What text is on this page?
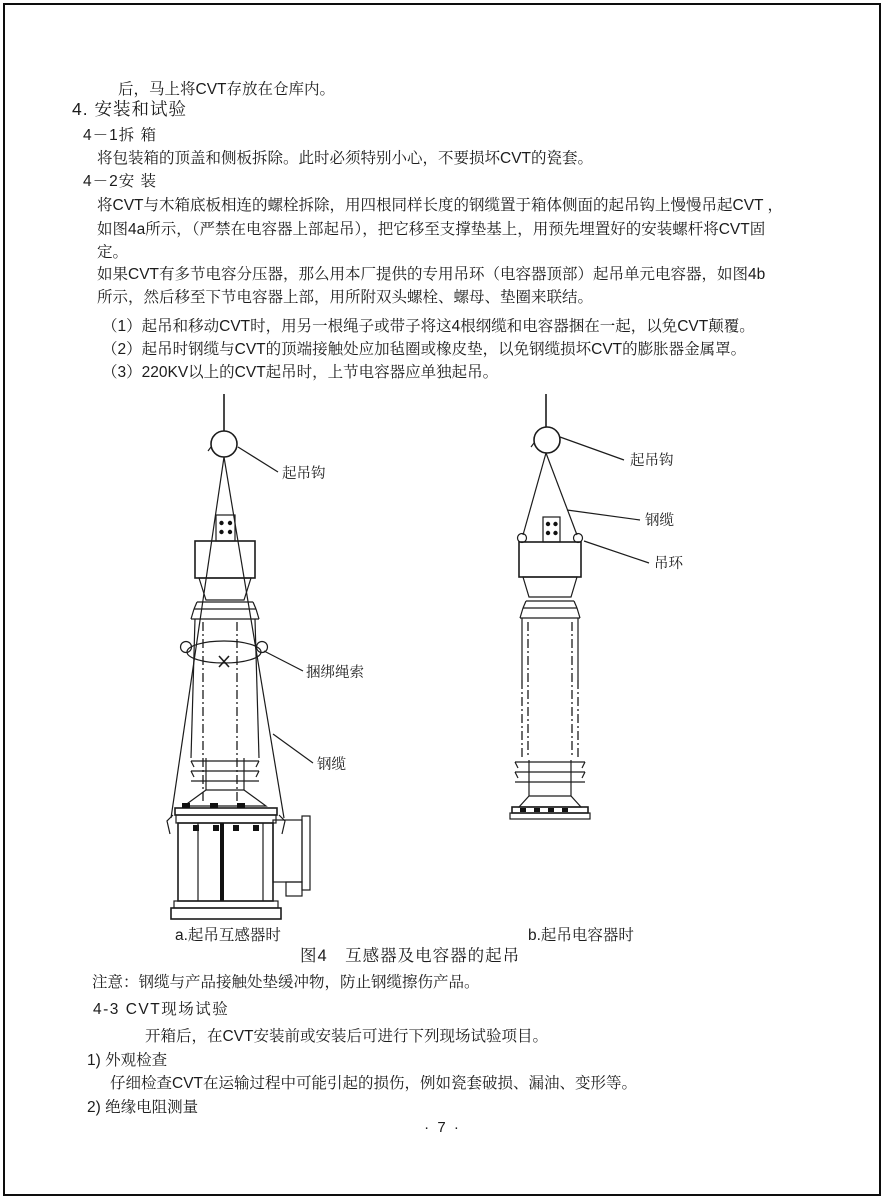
后，马上将CVT存放在仓库内。
4. 安装和试验
4－1拆 箱
将包装箱的顶盖和侧板拆除。此时必须特别小心，不要损坏CVT的瓷套。
4－2安 装
将CVT与木箱底板相连的螺栓拆除，用四根同样长度的钢缆置于箱体侧面的起吊钩上慢慢吊起CVT ，
如图4a所示，（严禁在电容器上部起吊），把它移至支撑垫基上，用预先埋置好的安装螺杆将CVT固
定。
如果CVT有多节电容分压器，那么用本厂提供的专用吊环（电容器顶部）起吊单元电容器，如图4b
所示，然后移至下节电容器上部，用所附双头螺栓、螺母、垫圈来联结。
（1）起吊和移动CVT时，用另一根绳子或带子将这4根纲缆和电容器捆在一起，以免CVT颠覆。
（2）起吊时钢缆与CVT的顶端接触处应加毡圈或橡皮垫，以免钢缆损坏CVT的膨胀器金属罩。
（3）220KV以上的CVT起吊时，上节电容器应单独起吊。
起吊钩
捆绑绳索
钢缆
起吊钩
钢缆
吊环
a.起吊互感器时	b.起吊电容器时
图4　互感器及电容器的起吊
注意：钢缆与产品接触处垫缓冲物，防止钢缆擦伤产品。
4-3 CVT现场试验
开箱后，在CVT安装前或安装后可进行下列现场试验项目。
1) 外观检查
仔细检查CVT在运输过程中可能引起的损伤，例如瓷套破损、漏油、变形等。
2) 绝缘电阻测量
· 7 ·
